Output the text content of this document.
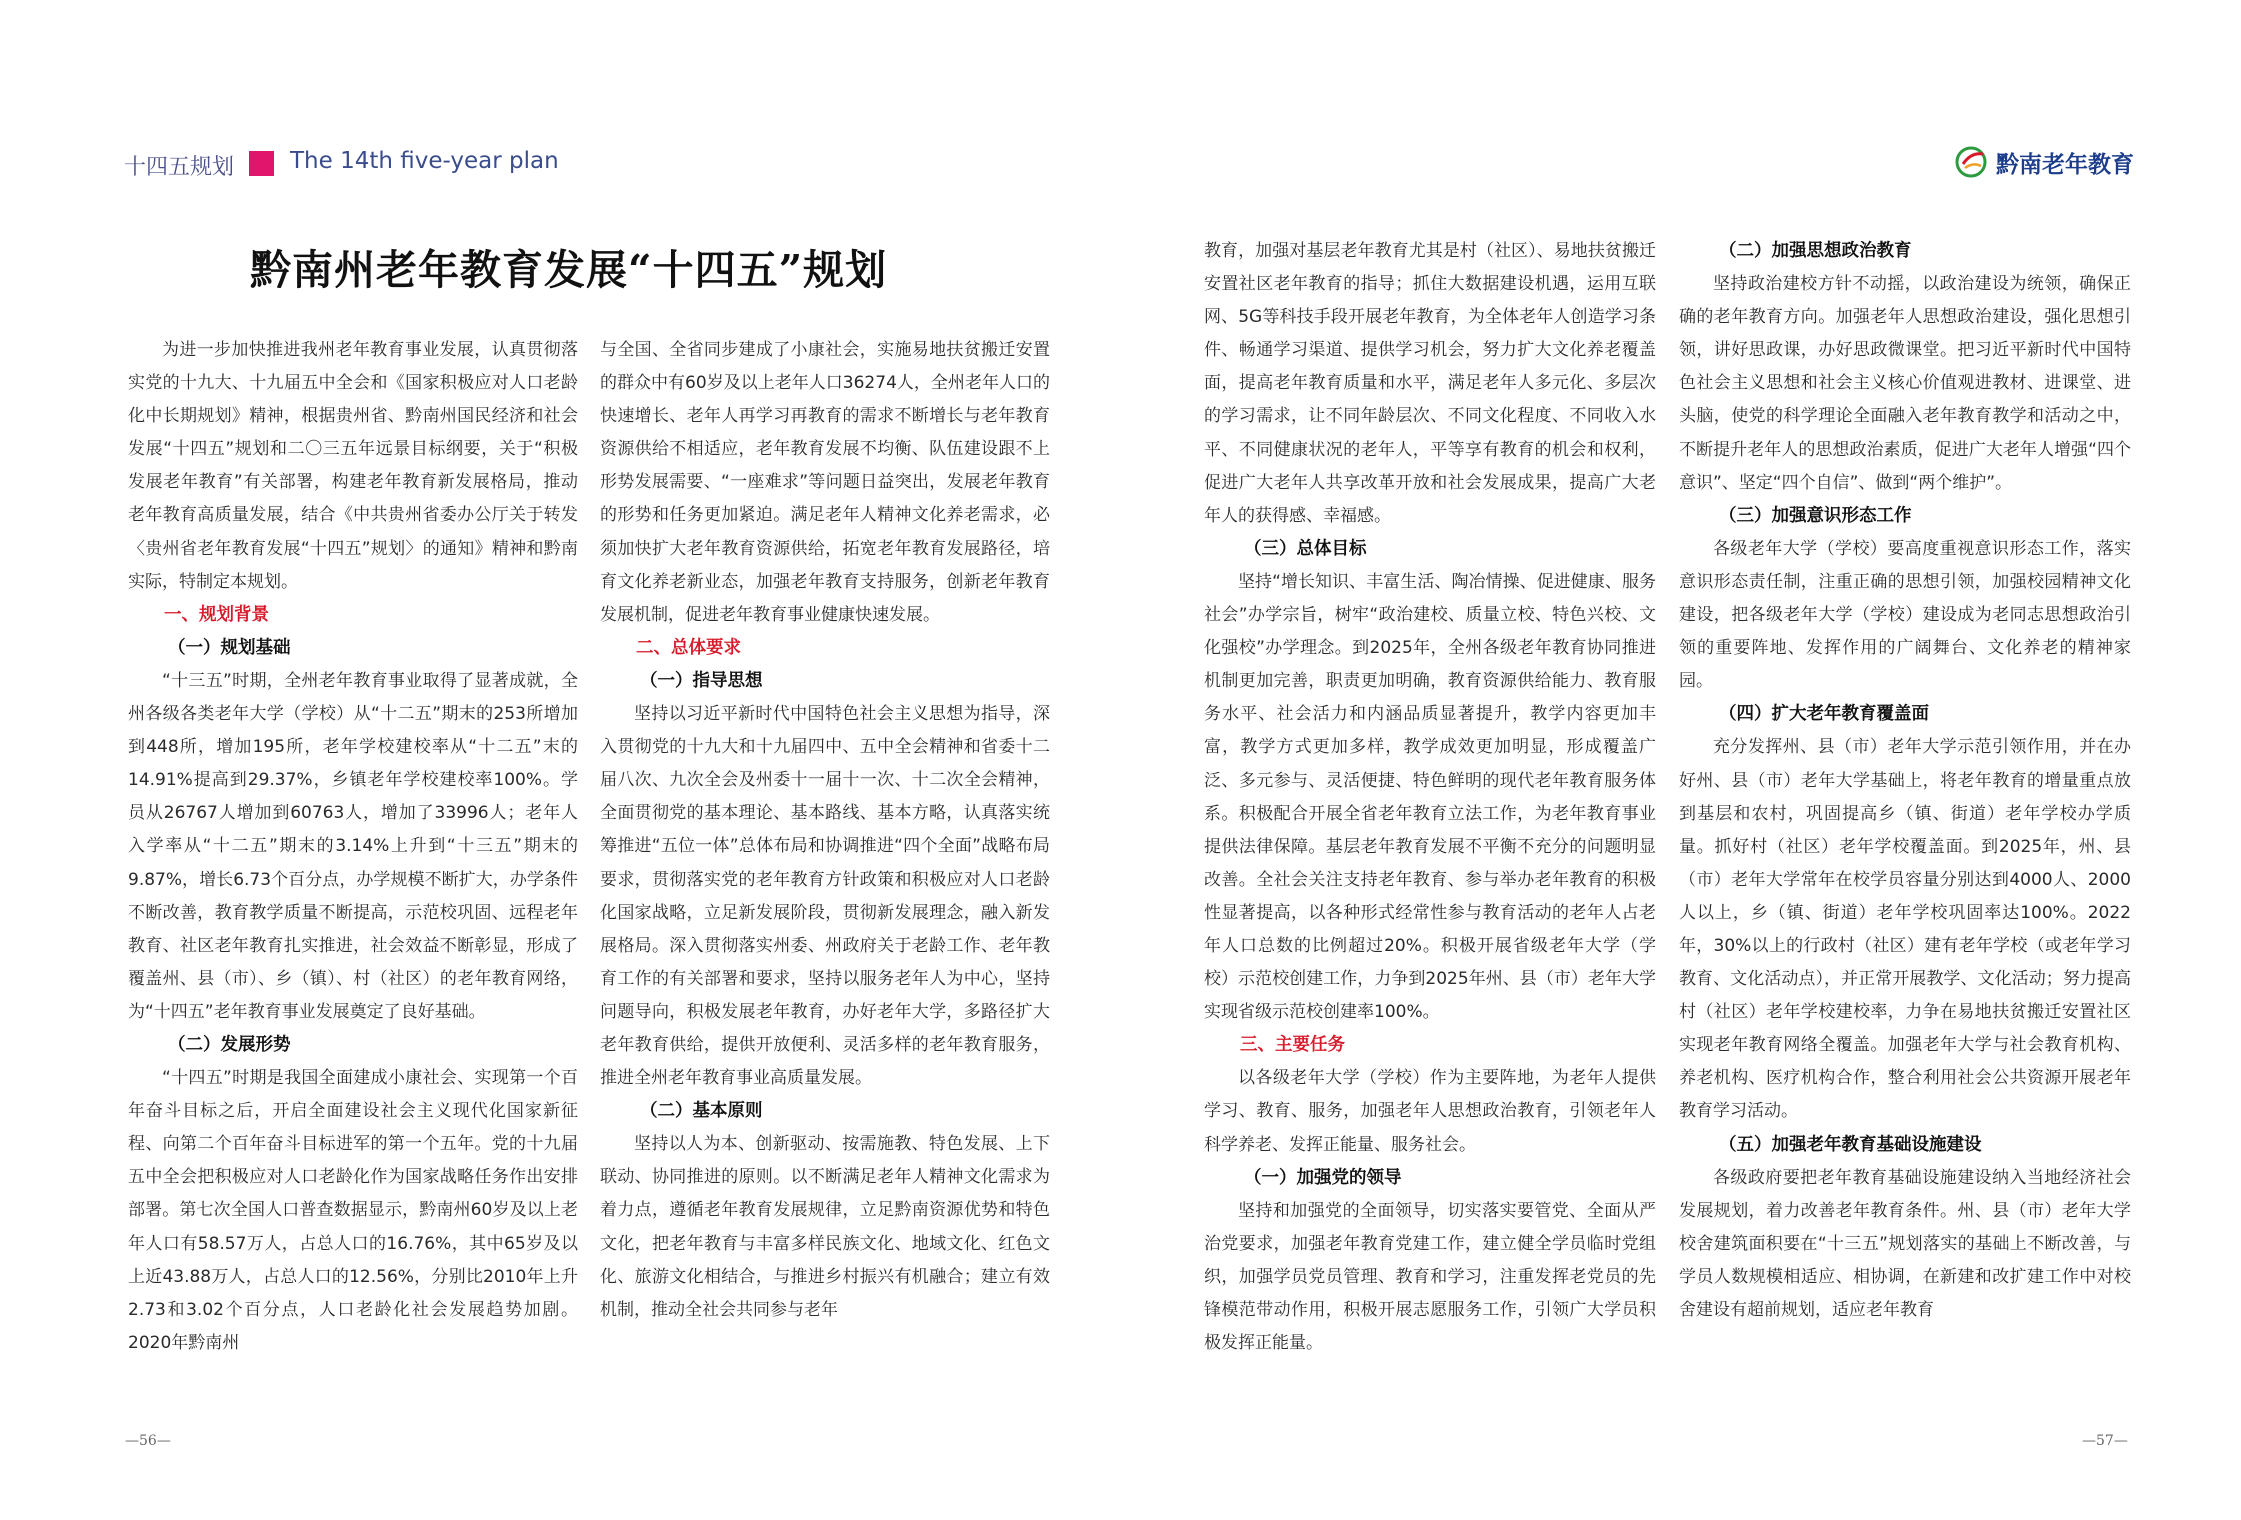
十四五规划 The 14th five-year plan	黔南老年教育
黔南州老年教育发展“十四五”规划

为进一步加快推进我州老年教育事业发展，认真贯彻落实党的十九大、十九届五中全会和《国家积极应对人口老龄化中长期规划》精神，根据贵州省、黔南州国民经济和社会发展“十四五”规划和二〇三五年远景目标纲要，关于“积极发展老年教育”有关部署，构建老年教育新发展格局，推动老年教育高质量发展，结合《中共贵州省委办公厅关于转发〈贵州省老年教育发展“十四五”规划〉的通知》精神和黔南实际，特制定本规划。

一、规划背景
（一）规划基础

“十三五”时期，全州老年教育事业取得了显著成就，全州各级各类老年大学（学校）从“十二五”期末的253所增加到448所，增加195所，老年学校建校率从“十二五”末的14.91%提高到29.37%，乡镇老年学校建校率100%。学员从26767人增加到60763人，增加了33996人；老年人入学率从“十二五”期末的3.14%上升到“十三五”期末的9.87%，增长6.73个百分点，办学规模不断扩大，办学条件不断改善，教育教学质量不断提高，示范校巩固、远程老年教育、社区老年教育扎实推进，社会效益不断彰显，形成了覆盖州、县（市）、乡（镇）、村（社区）的老年教育网络，为“十四五”老年教育事业发展奠定了良好基础。

（二）发展形势

“十四五”时期是我国全面建成小康社会、实现第一个百年奋斗目标之后，开启全面建设社会主义现代化国家新征程、向第二个百年奋斗目标进军的第一个五年。党的十九届五中全会把积极应对人口老龄化作为国家战略任务作出安排部署。第七次全国人口普查数据显示，黔南州60岁及以上老年人口有58.57万人，占总人口的16.76%，其中65岁及以上近43.88万人，占总人口的12.56%，分别比2010年上升2.73和3.02个百分点，人口老龄化社会发展趋势加剧。2020年黔南州

与全国、全省同步建成了小康社会，实施易地扶贫搬迁安置的群众中有60岁及以上老年人口36274人，全州老年人口的快速增长、老年人再学习再教育的需求不断增长与老年教育资源供给不相适应，老年教育发展不均衡、队伍建设跟不上形势发展需要、“一座难求”等问题日益突出，发展老年教育的形势和任务更加紧迫。满足老年人精神文化养老需求，必须加快扩大老年教育资源供给，拓宽老年教育发展路径，培育文化养老新业态，加强老年教育支持服务，创新老年教育发展机制，促进老年教育事业健康快速发展。

二、总体要求
（一）指导思想

坚持以习近平新时代中国特色社会主义思想为指导，深入贯彻党的十九大和十九届四中、五中全会精神和省委十二届八次、九次全会及州委十一届十一次、十二次全会精神，全面贯彻党的基本理论、基本路线、基本方略，认真落实统筹推进“五位一体”总体布局和协调推进“四个全面”战略布局要求，贯彻落实党的老年教育方针政策和积极应对人口老龄化国家战略，立足新发展阶段，贯彻新发展理念，融入新发展格局。深入贯彻落实州委、州政府关于老龄工作、老年教育工作的有关部署和要求，坚持以服务老年人为中心，坚持问题导向，积极发展老年教育，办好老年大学，多路径扩大老年教育供给，提供开放便利、灵活多样的老年教育服务，推进全州老年教育事业高质量发展。

（二）基本原则

坚持以人为本、创新驱动、按需施教、特色发展、上下联动、协同推进的原则。以不断满足老年人精神文化需求为着力点，遵循老年教育发展规律，立足黔南资源优势和特色文化，把老年教育与丰富多样民族文化、地域文化、红色文化、旅游文化相结合，与推进乡村振兴有机融合；建立有效机制，推动全社会共同参与老年

教育，加强对基层老年教育尤其是村（社区）、易地扶贫搬迁安置社区老年教育的指导；抓住大数据建设机遇，运用互联网、5G等科技手段开展老年教育，为全体老年人创造学习条件、畅通学习渠道、提供学习机会，努力扩大文化养老覆盖面，提高老年教育质量和水平，满足老年人多元化、多层次的学习需求，让不同年龄层次、不同文化程度、不同收入水平、不同健康状况的老年人，平等享有教育的机会和权利，促进广大老年人共享改革开放和社会发展成果，提高广大老年人的获得感、幸福感。

（三）总体目标

坚持“增长知识、丰富生活、陶冶情操、促进健康、服务社会”办学宗旨，树牢“政治建校、质量立校、特色兴校、文化强校”办学理念。到2025年，全州各级老年教育协同推进机制更加完善，职责更加明确，教育资源供给能力、教育服务水平、社会活力和内涵品质显著提升，教学内容更加丰富，教学方式更加多样，教学成效更加明显，形成覆盖广泛、多元参与、灵活便捷、特色鲜明的现代老年教育服务体系。积极配合开展全省老年教育立法工作，为老年教育事业提供法律保障。基层老年教育发展不平衡不充分的问题明显改善。全社会关注支持老年教育、参与举办老年教育的积极性显著提高，以各种形式经常性参与教育活动的老年人占老年人口总数的比例超过20%。积极开展省级老年大学（学校）示范校创建工作，力争到2025年州、县（市）老年大学实现省级示范校创建率100%。

三、主要任务

以各级老年大学（学校）作为主要阵地，为老年人提供学习、教育、服务，加强老年人思想政治教育，引领老年人科学养老、发挥正能量、服务社会。

（一）加强党的领导

坚持和加强党的全面领导，切实落实要管党、全面从严治党要求，加强老年教育党建工作，建立健全学员临时党组织，加强学员党员管理、教育和学习，注重发挥老党员的先锋模范带动作用，积极开展志愿服务工作，引领广大学员积极发挥正能量。

（二）加强思想政治教育

坚持政治建校方针不动摇，以政治建设为统领，确保正确的老年教育方向。加强老年人思想政治建设，强化思想引领，讲好思政课，办好思政微课堂。把习近平新时代中国特色社会主义思想和社会主义核心价值观进教材、进课堂、进头脑，使党的科学理论全面融入老年教育教学和活动之中，不断提升老年人的思想政治素质，促进广大老年人增强“四个意识”、坚定“四个自信”、做到“两个维护”。

（三）加强意识形态工作

各级老年大学（学校）要高度重视意识形态工作，落实意识形态责任制，注重正确的思想引领，加强校园精神文化建设，把各级老年大学（学校）建设成为老同志思想政治引领的重要阵地、发挥作用的广阔舞台、文化养老的精神家园。

（四）扩大老年教育覆盖面

充分发挥州、县（市）老年大学示范引领作用，并在办好州、县（市）老年大学基础上，将老年教育的增量重点放到基层和农村，巩固提高乡（镇、街道）老年学校办学质量。抓好村（社区）老年学校覆盖面。到2025年，州、县（市）老年大学常年在校学员容量分别达到4000人、2000人以上，乡（镇、街道）老年学校巩固率达100%。2022年，30%以上的行政村（社区）建有老年学校（或老年学习教育、文化活动点），并正常开展教学、文化活动；努力提高村（社区）老年学校建校率，力争在易地扶贫搬迁安置社区实现老年教育网络全覆盖。加强老年大学与社会教育机构、养老机构、医疗机构合作，整合利用社会公共资源开展老年教育学习活动。

（五）加强老年教育基础设施建设

各级政府要把老年教育基础设施建设纳入当地经济社会发展规划，着力改善老年教育条件。州、县（市）老年大学校舍建筑面积要在“十三五”规划落实的基础上不断改善，与学员人数规模相适应、相协调，在新建和改扩建工作中对校舍建设有超前规划，适应老年教育

—56—	—57—
